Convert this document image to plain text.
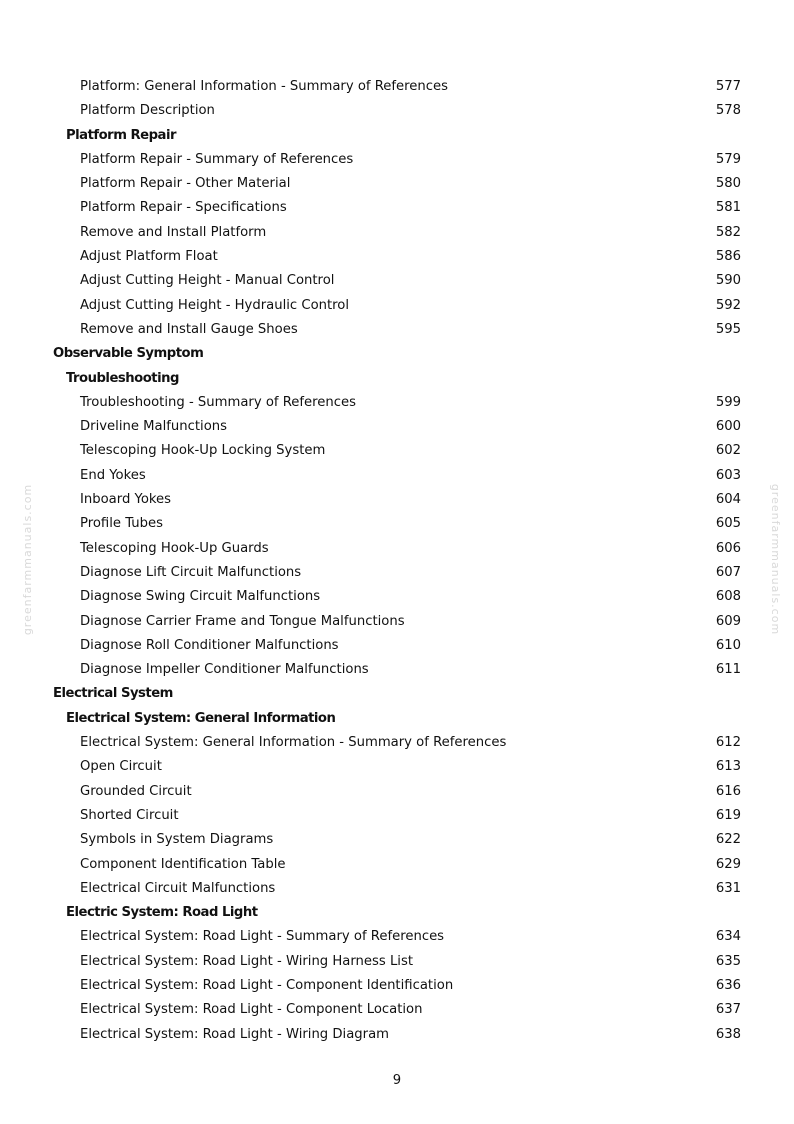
greenfarmmanuals.com	greenfarmmanuals.com
Platform: General Information - Summary of References	577
Platform Description	578
Platform Repair
Platform Repair - Summary of References	579
Platform Repair - Other Material	580
Platform Repair - Specifications	581
Remove and Install Platform	582
Adjust Platform Float	586
Adjust Cutting Height - Manual Control	590
Adjust Cutting Height - Hydraulic Control	592
Remove and Install Gauge Shoes	595
Observable Symptom
Troubleshooting
Troubleshooting - Summary of References	599
Driveline Malfunctions	600
Telescoping Hook-Up Locking System	602
End Yokes	603
Inboard Yokes	604
Profile Tubes	605
Telescoping Hook-Up Guards	606
Diagnose Lift Circuit Malfunctions	607
Diagnose Swing Circuit Malfunctions	608
Diagnose Carrier Frame and Tongue Malfunctions	609
Diagnose Roll Conditioner Malfunctions	610
Diagnose Impeller Conditioner Malfunctions	611
Electrical System
Electrical System: General Information
Electrical System: General Information - Summary of References	612
Open Circuit	613
Grounded Circuit	616
Shorted Circuit	619
Symbols in System Diagrams	622
Component Identification Table	629
Electrical Circuit Malfunctions	631
Electric System: Road Light
Electrical System: Road Light - Summary of References	634
Electrical System: Road Light - Wiring Harness List	635
Electrical System: Road Light - Component Identification	636
Electrical System: Road Light - Component Location	637
Electrical System: Road Light - Wiring Diagram	638
9
